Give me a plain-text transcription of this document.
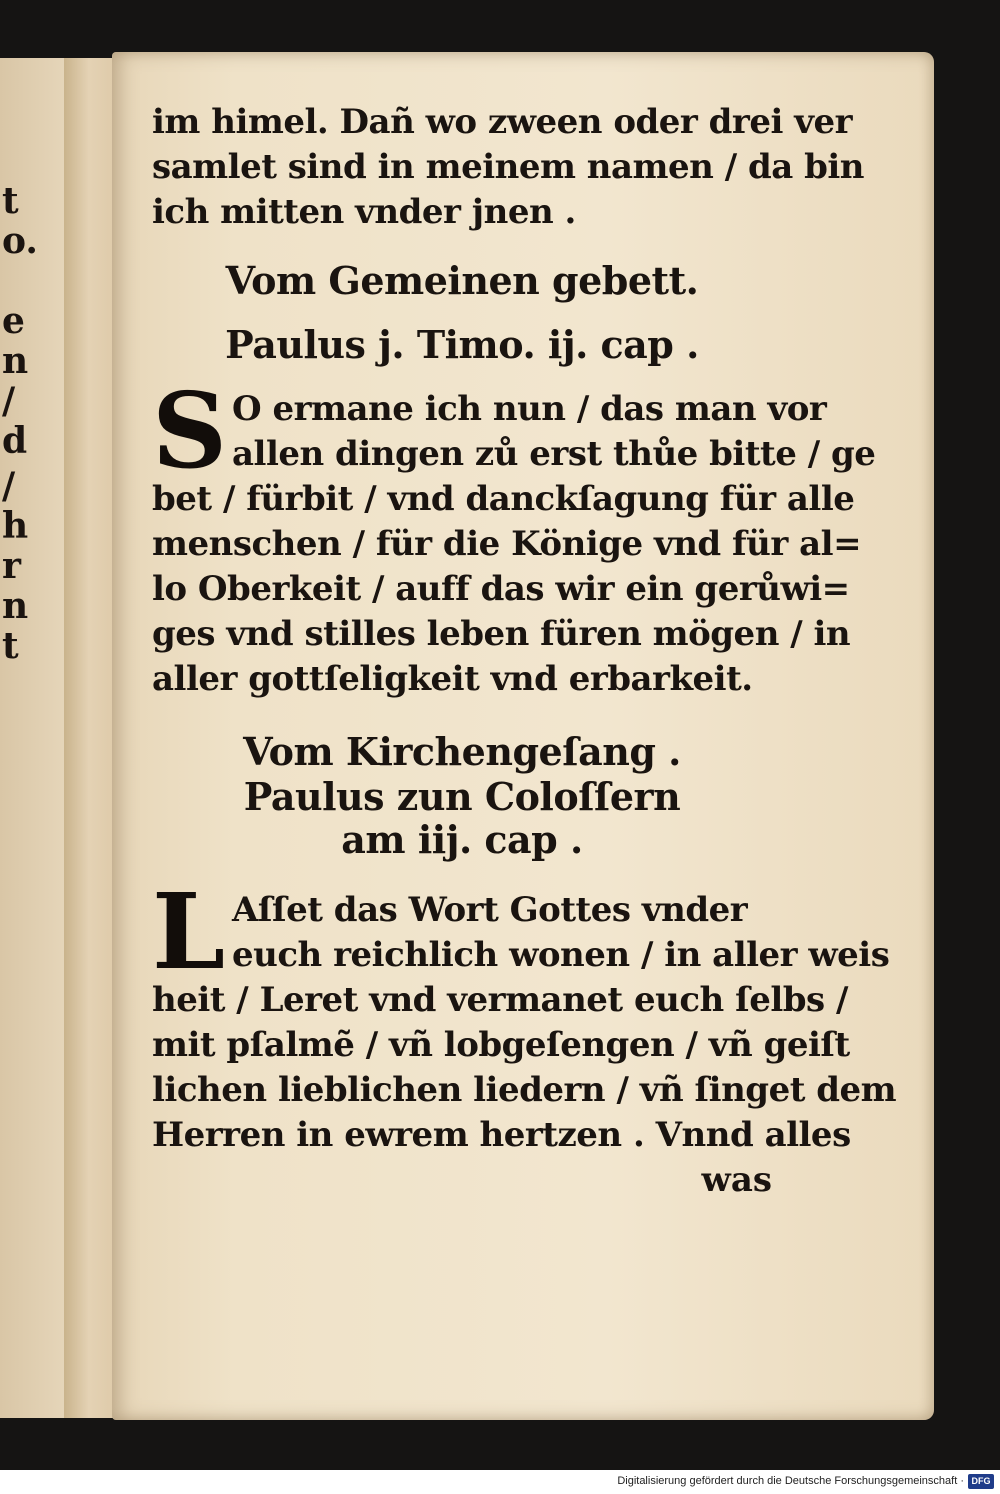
t
o.
e
n
/
d
/
h
r
n
t
im himel. Dañ wo zween oder drei ver
samlet sind in meinem namen / da bin
ich mitten vnder jnen .
Vom Gemeinen gebett.
Paulus j. Timo. ij. cap .
S O ermane ich nun / das man vor
allen dingen zů erst thůe bitte / ge
bet / fürbit / vnd danckſagung für alle
menschen / für die Könige vnd für al=
lo Oberkeit / auff das wir ein gerůwi=
ges vnd stilles leben füren mögen / in
aller gottſeligkeit vnd erbarkeit.
Vom Kirchengeſang .
Paulus zun Coloſſern
am iij. cap .
L Aſſet das Wort Gottes vnder
euch reichlich wonen / in aller weis
heit / Leret vnd vermanet euch ſelbs /
mit pſalmẽ / vñ lobgeſengen / vñ geiſt
lichen lieblichen liedern / vñ ſinget dem
Herren in ewrem hertzen . Vnnd alles
was
Digitalisierung gefördert durch die Deutsche Forschungsgemeinschaft · DFG
